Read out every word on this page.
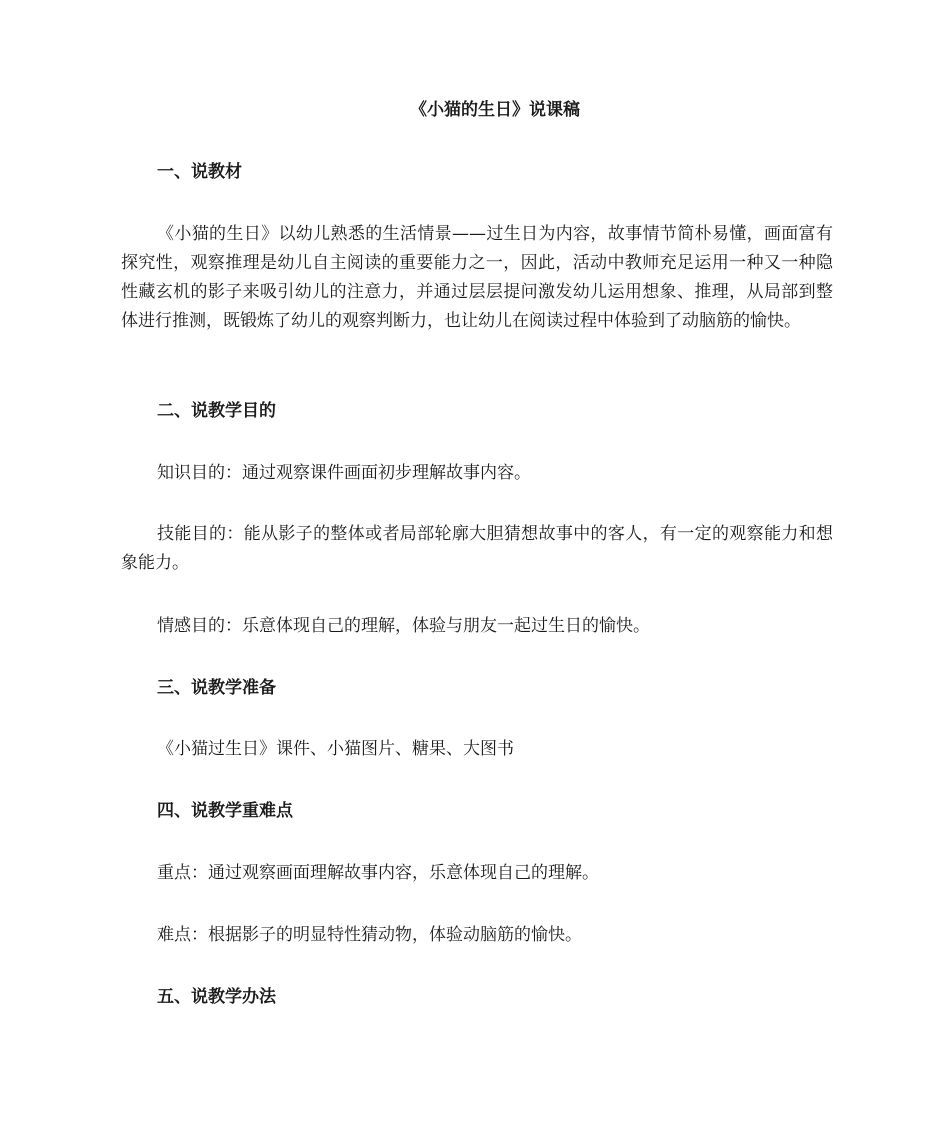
《小猫的生日》说课稿
一、说教材

《小猫的生日》以幼儿熟悉的生活情景——过生日为内容，故事情节简朴易懂，画面富有探究性，观察推理是幼儿自主阅读的重要能力之一，因此，活动中教师充足运用一种又一种隐性藏玄机的影子来吸引幼儿的注意力，并通过层层提问激发幼儿运用想象、推理，从局部到整体进行推测，既锻炼了幼儿的观察判断力，也让幼儿在阅读过程中体验到了动脑筋的愉快。

二、说教学目的

知识目的：通过观察课件画面初步理解故事内容。

技能目的：能从影子的整体或者局部轮廓大胆猜想故事中的客人，有一定的观察能力和想象能力。

情感目的：乐意体现自己的理解，体验与朋友一起过生日的愉快。

三、说教学准备

《小猫过生日》课件、小猫图片、糖果、大图书

四、说教学重难点

重点：通过观察画面理解故事内容，乐意体现自己的理解。

难点：根据影子的明显特性猜动物，体验动脑筋的愉快。

五、说教学办法
